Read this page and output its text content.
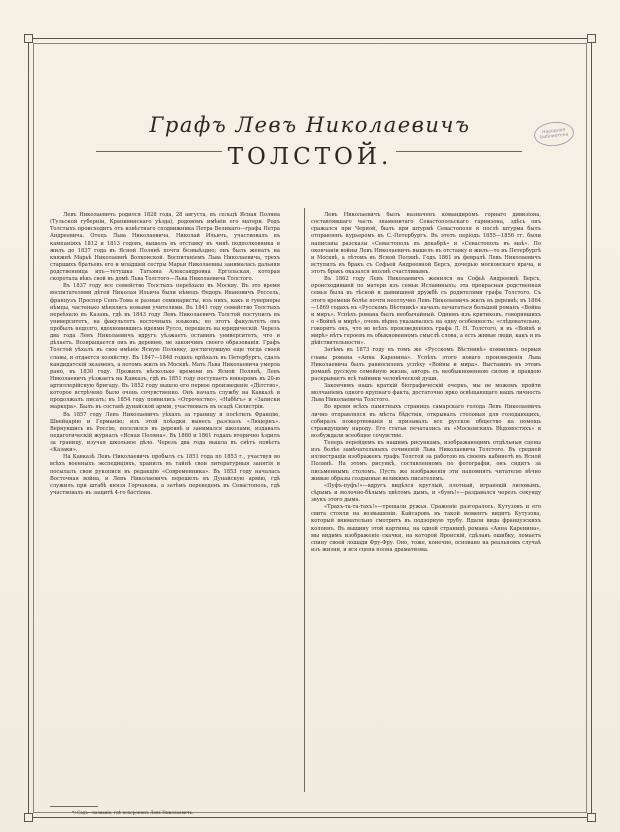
Народная Библиотека
Графъ Левъ Николаевичъ
ТОЛСТОЙ.

Левъ Николаевичъ родился 1828 года, 28 августа, въ сельцѣ Ясная Полянa (Тульской губерніи, Крапивинскаго уѣзда), родовомъ имѣніи его матери. Родъ Толстыхъ происходитъ отъ извѣстнаго сподвижника Петра Великаго—графа Петра Андреевича. Отецъ Льва Николаевича, Николай Ильичъ, участвовалъ въ кампаніяхъ 1812 и 1813 годовъ, вышелъ въ отставку въ чинѣ подполковника и жилъ до 1837 года въ Ясной Полянѣ почти безвыѣздно; онъ былъ женатъ на княжнѣ Марьѣ Николаевнѣ Волконской. Воспитаніемъ Льва Николаевича, трехъ старшихъ братьевъ его и младшей сестры Марьи Николаевны занималась дальняя родственница ихъ—тетушка Татьяна Александровна Ергольская, которая скоротала вѣкъ свой въ домѣ Льва Толстого—Льва Николаевича Толстого.

Въ 1837 году все семейство Толстыхъ переѣхало въ Москву. Въ это время воспитателями дѣтей Николая Ильича были нѣмецъ Ѳедоръ Ивановичъ Рессель, французъ Проспер Сенъ-Тома и разные семинаристы, изъ нихъ, какъ и гувернеры нѣмцы, частенько мѣнялись новыми учителями. Въ 1841 году семейство Толстыхъ переѣхало въ Казань, гдѣ въ 1843 году Левъ Николаевичъ Толстой поступилъ въ университетъ, на факультетъ восточныхъ языковъ; но этотъ факультетъ онъ пробылъ недолго, вдохновившись идеями Руссо, перешелъ на юридическій. Черезъ два года Левъ Николаевичъ вдругъ уѣзжаетъ оставивъ университетъ, что и дѣлаетъ. Возвращается онъ въ деревню, не закончивъ своего образованія. Графъ Толстой уѣхалъ въ свое имѣніе Ясную Полянку, достигнувшую еще тогда своей славы, и отдается хозяйству. Въ 1847—1848 годахъ пріѣхалъ въ Петербургъ, сдалъ кандидатскій экзаменъ, а потомъ жилъ въ Москвѣ. Мать Льва Николаевича умерла рано, въ 1830 году. Прожилъ нѣсколько времени въ Ясной Полянѣ, Левъ Николаевичъ уѣзжаетъ на Кавказъ, гдѣ въ 1851 году поступаетъ юнкеромъ въ 20-ю артиллерійскую бригаду. Въ 1852 году вышло его первое произведеніе «Дѣтство», которое встрѣчено было очень сочувственно. Онъ началъ службу на Кавказѣ и продолжалъ писать; въ 1854 году появились «Отрочество», «Набѣгъ» и «Записки маркера». Былъ въ составѣ дунайской арміи, участвовалъ въ осадѣ Силистріи.

Въ 1857 году Левъ Николаевичъ уѣхалъ за границу и посѣтилъ Францію, Швейцарію и Германію; изъ этой поѣздки вынесъ разсказъ «Люцернъ». Вернувшись въ Россію, поселился въ деревнѣ и занимался школами, издавалъ педагогическій журналъ «Ясная Поляна». Въ 1860 и 1861 годахъ вторично ѣздилъ за границу, изучая школьное дѣло. Черезъ два года вышла въ свѣтъ повѣсть «Казаки».

На Кавказѣ Левъ Николаевичъ пробылъ съ 1851 года по 1853 г., участвуя во всѣхъ военныхъ экспедиціяхъ, хранилъ въ тайнѣ свои литературныя занятія и посылалъ свои рукописи въ редакцію «Современника». Въ 1853 году началась Восточная война, и Левъ Николаевичъ перешелъ въ Дунайскую армію, гдѣ служилъ при штабѣ князя Горчакова, а затѣмъ переведенъ въ Севастополь, гдѣ участвовалъ въ защитѣ 4-го бастіона.

Левъ Николаевичъ былъ назначенъ командиромъ горнаго дивизіона, составлявшаго часть знаменитаго Севастопольскаго гарнизона, здѣсь онъ сражался при Черной, былъ при штурмѣ Севастополя и послѣ штурма былъ отправленъ курьеромъ въ С.-Петербургъ. Въ этотъ періодъ 1855—1856 гг. были написаны разсказы «Севастополь въ декабрѣ» и «Севастополь въ маѣ». По окончаніи войны Левъ Николаевичъ вышелъ въ отставку и жилъ—то въ Петербургѣ и Москвѣ, а лѣтомъ въ Ясной Полянѣ. Годъ 1861 въ февралѣ Левъ Николаевичъ вступилъ въ бракъ съ Софьей Андреевной Берсъ, дочерью московскаго врача, и этотъ бракъ оказался вполнѣ счастливымъ.

Въ 1862 году Левъ Николаевичъ женился на Софьѣ Андреевнѣ Берсъ, происходившей по матери изъ семьи Иславиныхъ; эта прекрасная родственная семья была въ тѣсной и давнишней дружбѣ съ родителями графа Толстого. Съ этого времени болѣе почти неотлучно Левъ Николаевичъ жилъ въ деревнѣ; въ 1864—1869 годахъ въ «Русскомъ Вѣстникѣ» началъ печататься большой романъ «Война и миръ». Успѣхъ романа былъ необычайный. Однимъ изъ критиковъ, говорившихъ о «Войнѣ и мирѣ», очень вѣрно указывалось на одну особенность: «слѣдовательно, говоритъ онъ, что во всѣхъ произведеніяхъ графа Л. Н. Толстого, и въ «Войнѣ и мирѣ» нѣтъ героевъ въ обыкновенномъ смыслѣ слова, а есть живые люди, какъ и въ дѣйствительности».

Затѣмъ въ 1873 году въ томъ же «Русскомъ Вѣстникѣ» появились первыя главы романа «Анна Каренина». Успѣхъ этого новаго произведенія Льва Николаевича былъ равносиленъ успѣху «Войны и мира». Выставивъ въ этомъ романѣ русскую семейную жизнь, авторъ съ необыкновенною силою и правдою раскрываетъ всѣ тайники человѣческой души.

Закончимъ нашъ краткій біографическій очеркъ, мы не можемъ пройти молчаніемъ одного крупнаго факта, достаточно ярко освѣщающаго нашъ личность Льва Николаевича Толстого.

Во время всѣхъ памятныхъ страницъ самарскаго голода Левъ Николаевичъ лично отправлялся въ мѣста бѣдствія, открывалъ столовыя для голодающихъ, собиралъ пожертвованія и призывалъ все русское общество на помощь страждущему народу. Его статьи печатались въ «Московскихъ Вѣдомостяхъ» и возбуждали всеобщее сочувствіе.

Теперь перейдемъ къ нашимъ рисункамъ, изображающимъ отдѣльныя сцены изъ болѣе замѣчательныхъ сочиненій Льва Николаевича Толстого. Въ средней иллюстраціи изображенъ графъ Толстой за работою въ своемъ кабинетѣ въ Ясной Полянѣ. На этомъ рисункѣ, составленномъ по фотографіи, онъ сидитъ за письменнымъ столомъ. Пусть же изображенія эти напомнятъ читателю вѣчно живые образы созданные великимъ писателемъ.

«Пуфъ-пуфъ!»—вдругъ видѣлся круглый, плотный, играющій лиловымъ, сѣрымъ и молочно-бѣлымъ цвѣтомъ дымъ, и «бумъ!»—раздавался черезъ секунду звукъ этого дыма.

«Трахъ-та-та-тахъ!»—трещали ружья. Сраженіе разгоралось. Кутузовъ и его свита стояли на возвышеніи. Кайсаровъ въ такой моментъ видитъ Кутузова, который внимательно смотритъ въ подзорную трубу. Вдали вида французскихъ колоннъ. Въ вышину этой картины, на одной страницѣ романа «Анна Каренина», мы видимъ изображеніе скачки, на которой Вронскій, сдѣлавъ ошибку, ломаетъ спину своей лошади Фру-Фру. Оно, тоже, конечно, основано на реальномъ случаѣ изъ жизни, и вся сцена полна драматизма.

*) Садъ—названіе, гдѣ похороненъ Левъ Николаевичъ.
